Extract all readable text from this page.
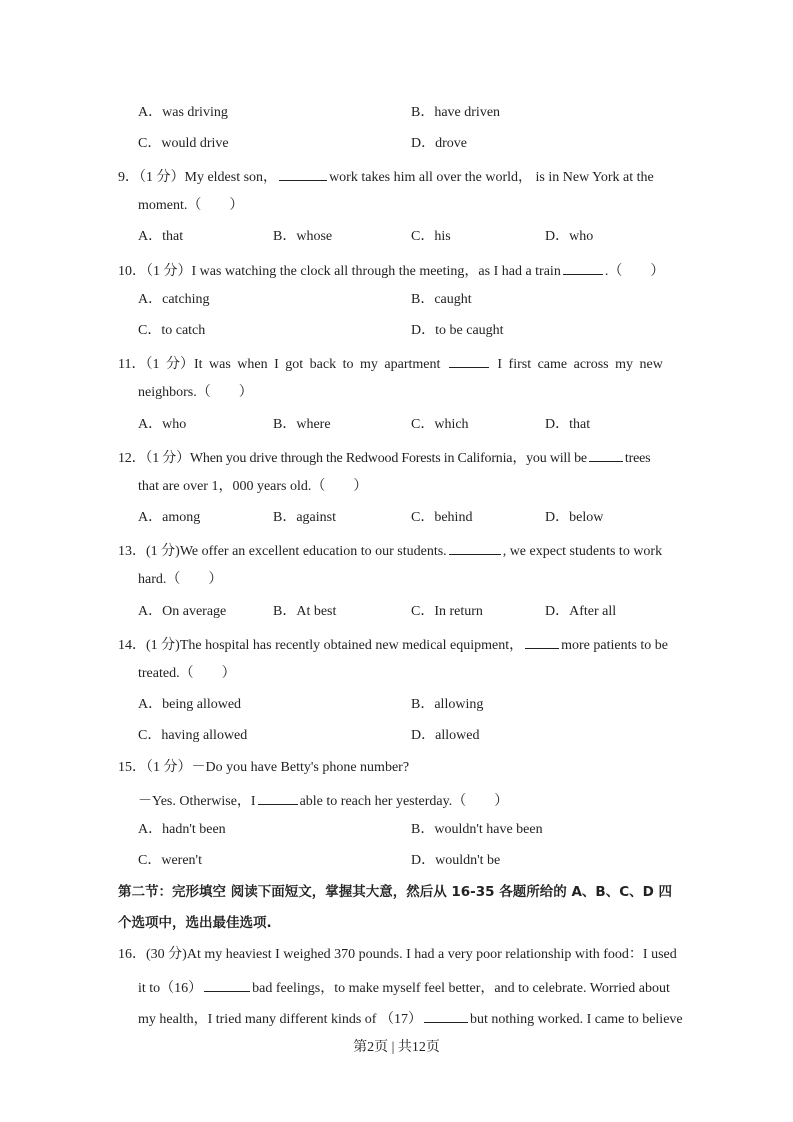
A．was driving	B．have driven
C．would drive	D．drove
9．（1 分）My eldest son，	work takes him all over the world， is in New York at the
moment.（　　）
A．that	B．whose	C．his	D．who
10．（1 分）I was watching the clock all through the meeting，as I had a train	.（　　）
A．catching	B．caught
C．to catch	D．to be caught
11．（1 分）It was when I got back to my apartment	I first came across my new
neighbors.（　　）
A．who	B．where	C．which	D．that
12．（1 分）When you drive through the Redwood Forests in California，you will be	trees
that are over 1，000 years old.（　　）
A．among	B．against	C．behind	D．below
13．(1 分)We offer an excellent education to our students.	, we expect students to work
hard.（　　）
A．On average	B．At best	C．In return	D．After all
14．(1 分)The hospital has recently obtained new medical equipment，	more patients to be
treated.（　　）
A．being allowed	B．allowing
C．having allowed	D．allowed
15．（1 分）－Do you have Betty's phone number?
－Yes. Otherwise，I	able to reach her yesterday.（　　）
A．hadn't been	B．wouldn't have been
C．weren't	D．wouldn't be
第二节：完形填空 阅读下面短文，掌握其大意，然后从 16-35 各题所给的 A、B、C、D 四
个选项中，选出最佳选项.
16．(30 分)At my heaviest I weighed 370 pounds. I had a very poor relationship with food：I used
it to（16）	bad feelings，to make myself feel better，and to celebrate. Worried about
my health，I tried many different kinds of （17）	but nothing worked. I came to believe
第2页 | 共12页
